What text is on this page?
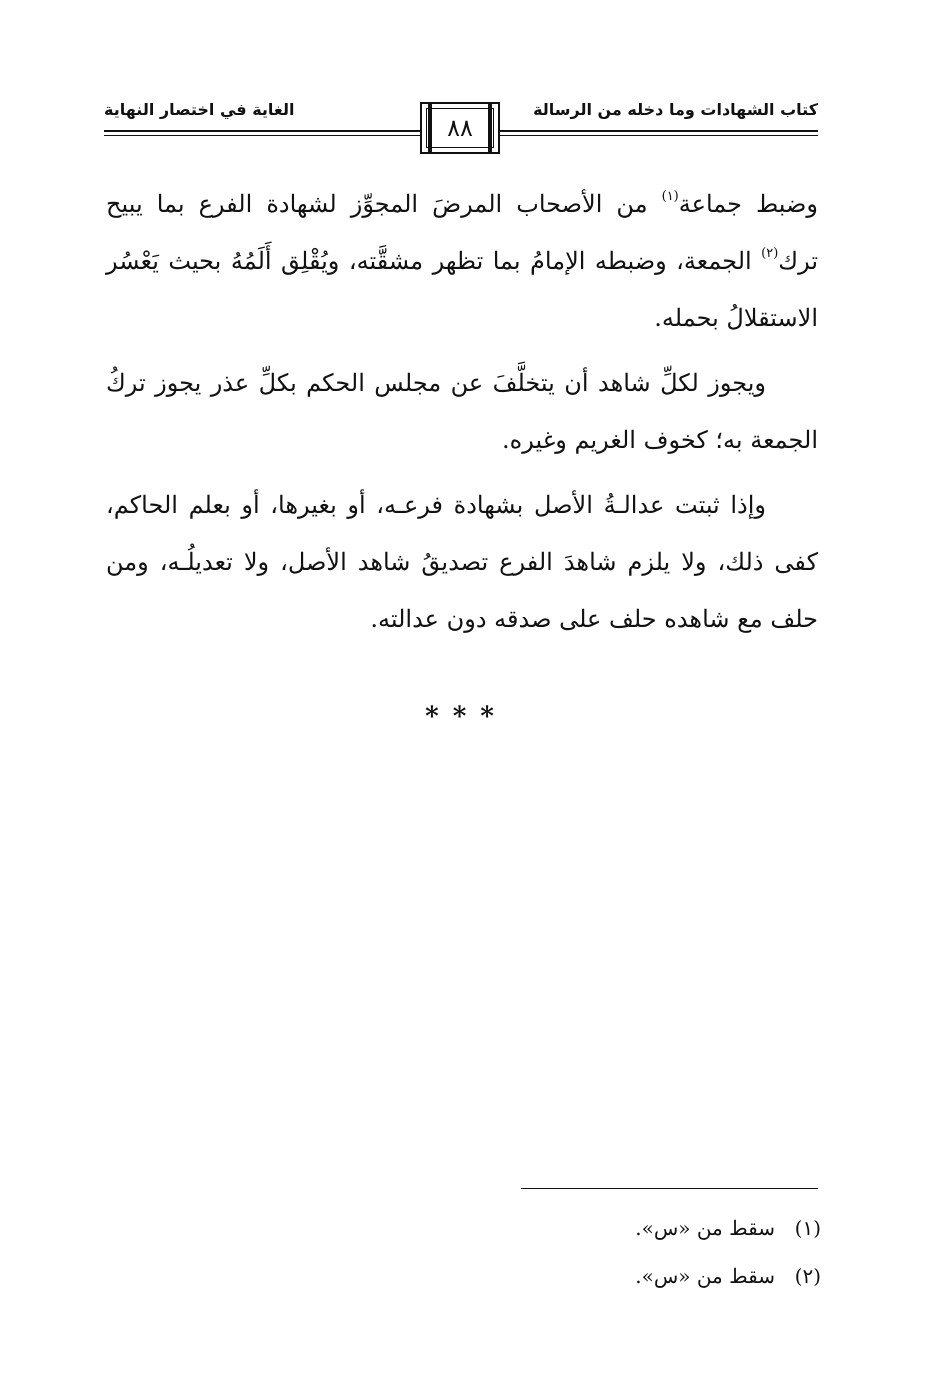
كتاب الشهادات وما دخله من الرسالة
الغاية في اختصار النهاية
٨٨

وضبط جماعة$^{(١)}$ من الأصحاب المرضَ المجوِّز لشهادة الفرع بما يبيح ترك$^{(٢)}$ الجمعة، وضبطه الإمامُ بما تظهر مشقَّته، ويُقْلِق أَلَمُهُ بحيث يَعْسُر الاستقلالُ بحمله.

ويجوز لكلِّ شاهد أن يتخلَّفَ عن مجلس الحكم بكلِّ عذر يجوز تركُ الجمعة به؛ كخوف الغريم وغيره.

وإذا ثبتت عدالـةُ الأصل بشهادة فرعـه، أو بغيرها، أو بعلم الحاكم، كفى ذلك، ولا يلزم شاهدَ الفرع تصديقُ شاهد الأصل، ولا تعديلُـه، ومن حلف مع شاهده حلف على صدقه دون عدالته.

***
(١)سقط من «س».
(٢)سقط من «س».
